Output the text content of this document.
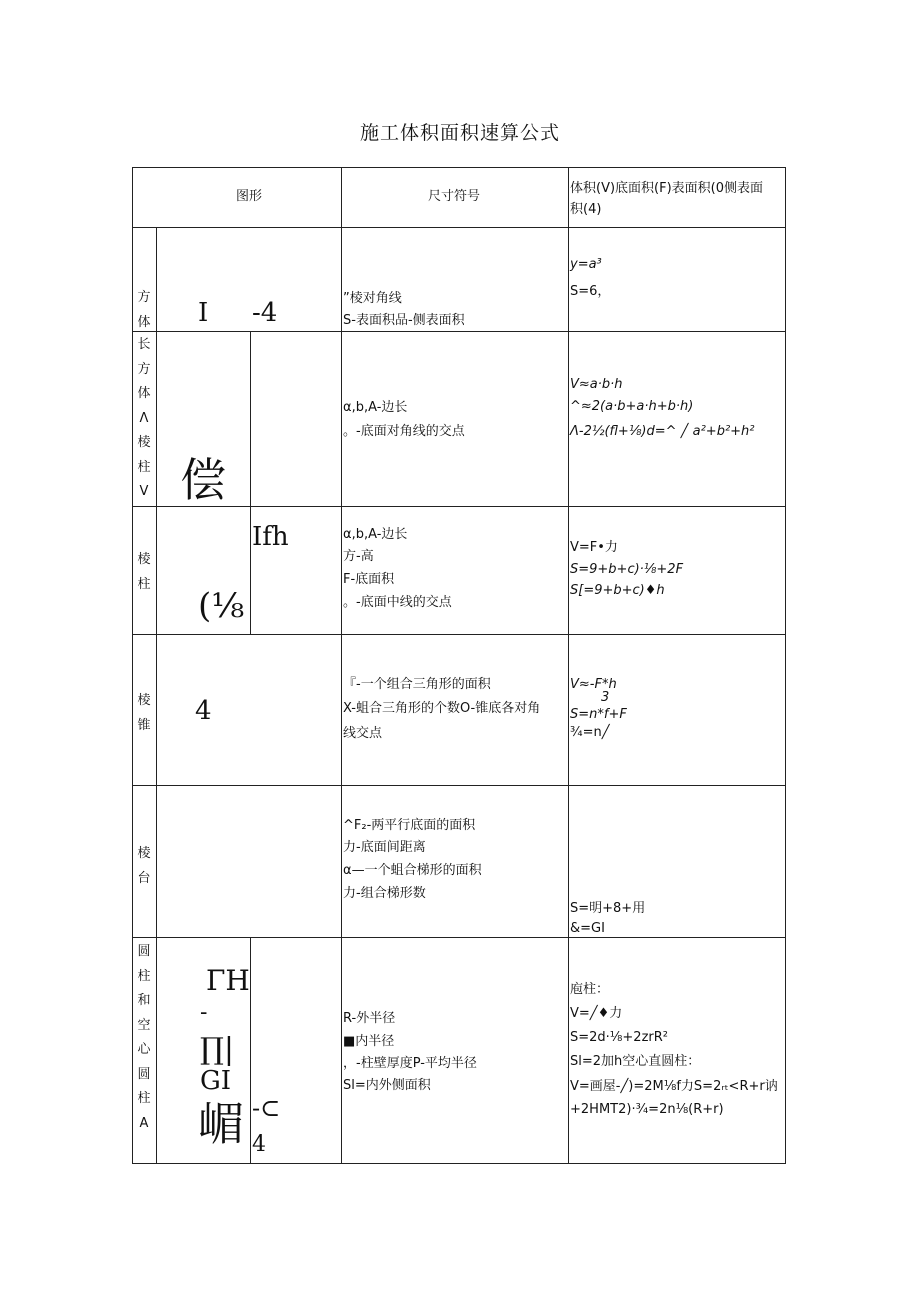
施工体积面积速算公式
图形	尺寸符号
体积(V)底面积(F)表面积(0侧表面
积(4)
方
体 I -4	”棱对角线
S-表面积品-侧表面积
y=a³
S=6，
长
方
体
Λ
棱
柱
V 偿
α,b,A-边长
。-底面对角线的交点
V≈a·b·h
^≈2(a·b+a·h+b·h)
Λ-2½(fl+⅛)d=^ ╱ a²+b²+h²
棱
柱
Ifh
(⅛
α,b,A-边长
方-高
F-底面积
。-底面中线的交点
V=F•力
S=9+b+c)·⅛+2F
S[=9+b+c)♦h
棱
锥 4
『-一个组合三角形的面积
X-蛆合三角形的个数O-锥底各对角
线交点
V≈-F*h
3
S=n*f+F
¾=n╱
棱
台
^F₂-两平行底面的面积
力-底面间距离
α—一个蛆合梯形的面积
力-组合梯形数
S=明+8+用
&=GI
圆
柱
和
空
心
圆
柱
A
ΓH
-
∏|
GI
嵋 -⊂
4
R-外半径
■内半径
，-柱壁厚度P-平均半径
Sl=内外侧面积
庖柱：
V=╱♦力
S=2d·⅛+2zrR²
Sl=2加h空心直圆柱：
V=画屋-╱)=2M⅛f力S=2ᵣₜ<R+r讷
+2HMT2)·¾=2n⅛(R+r)
